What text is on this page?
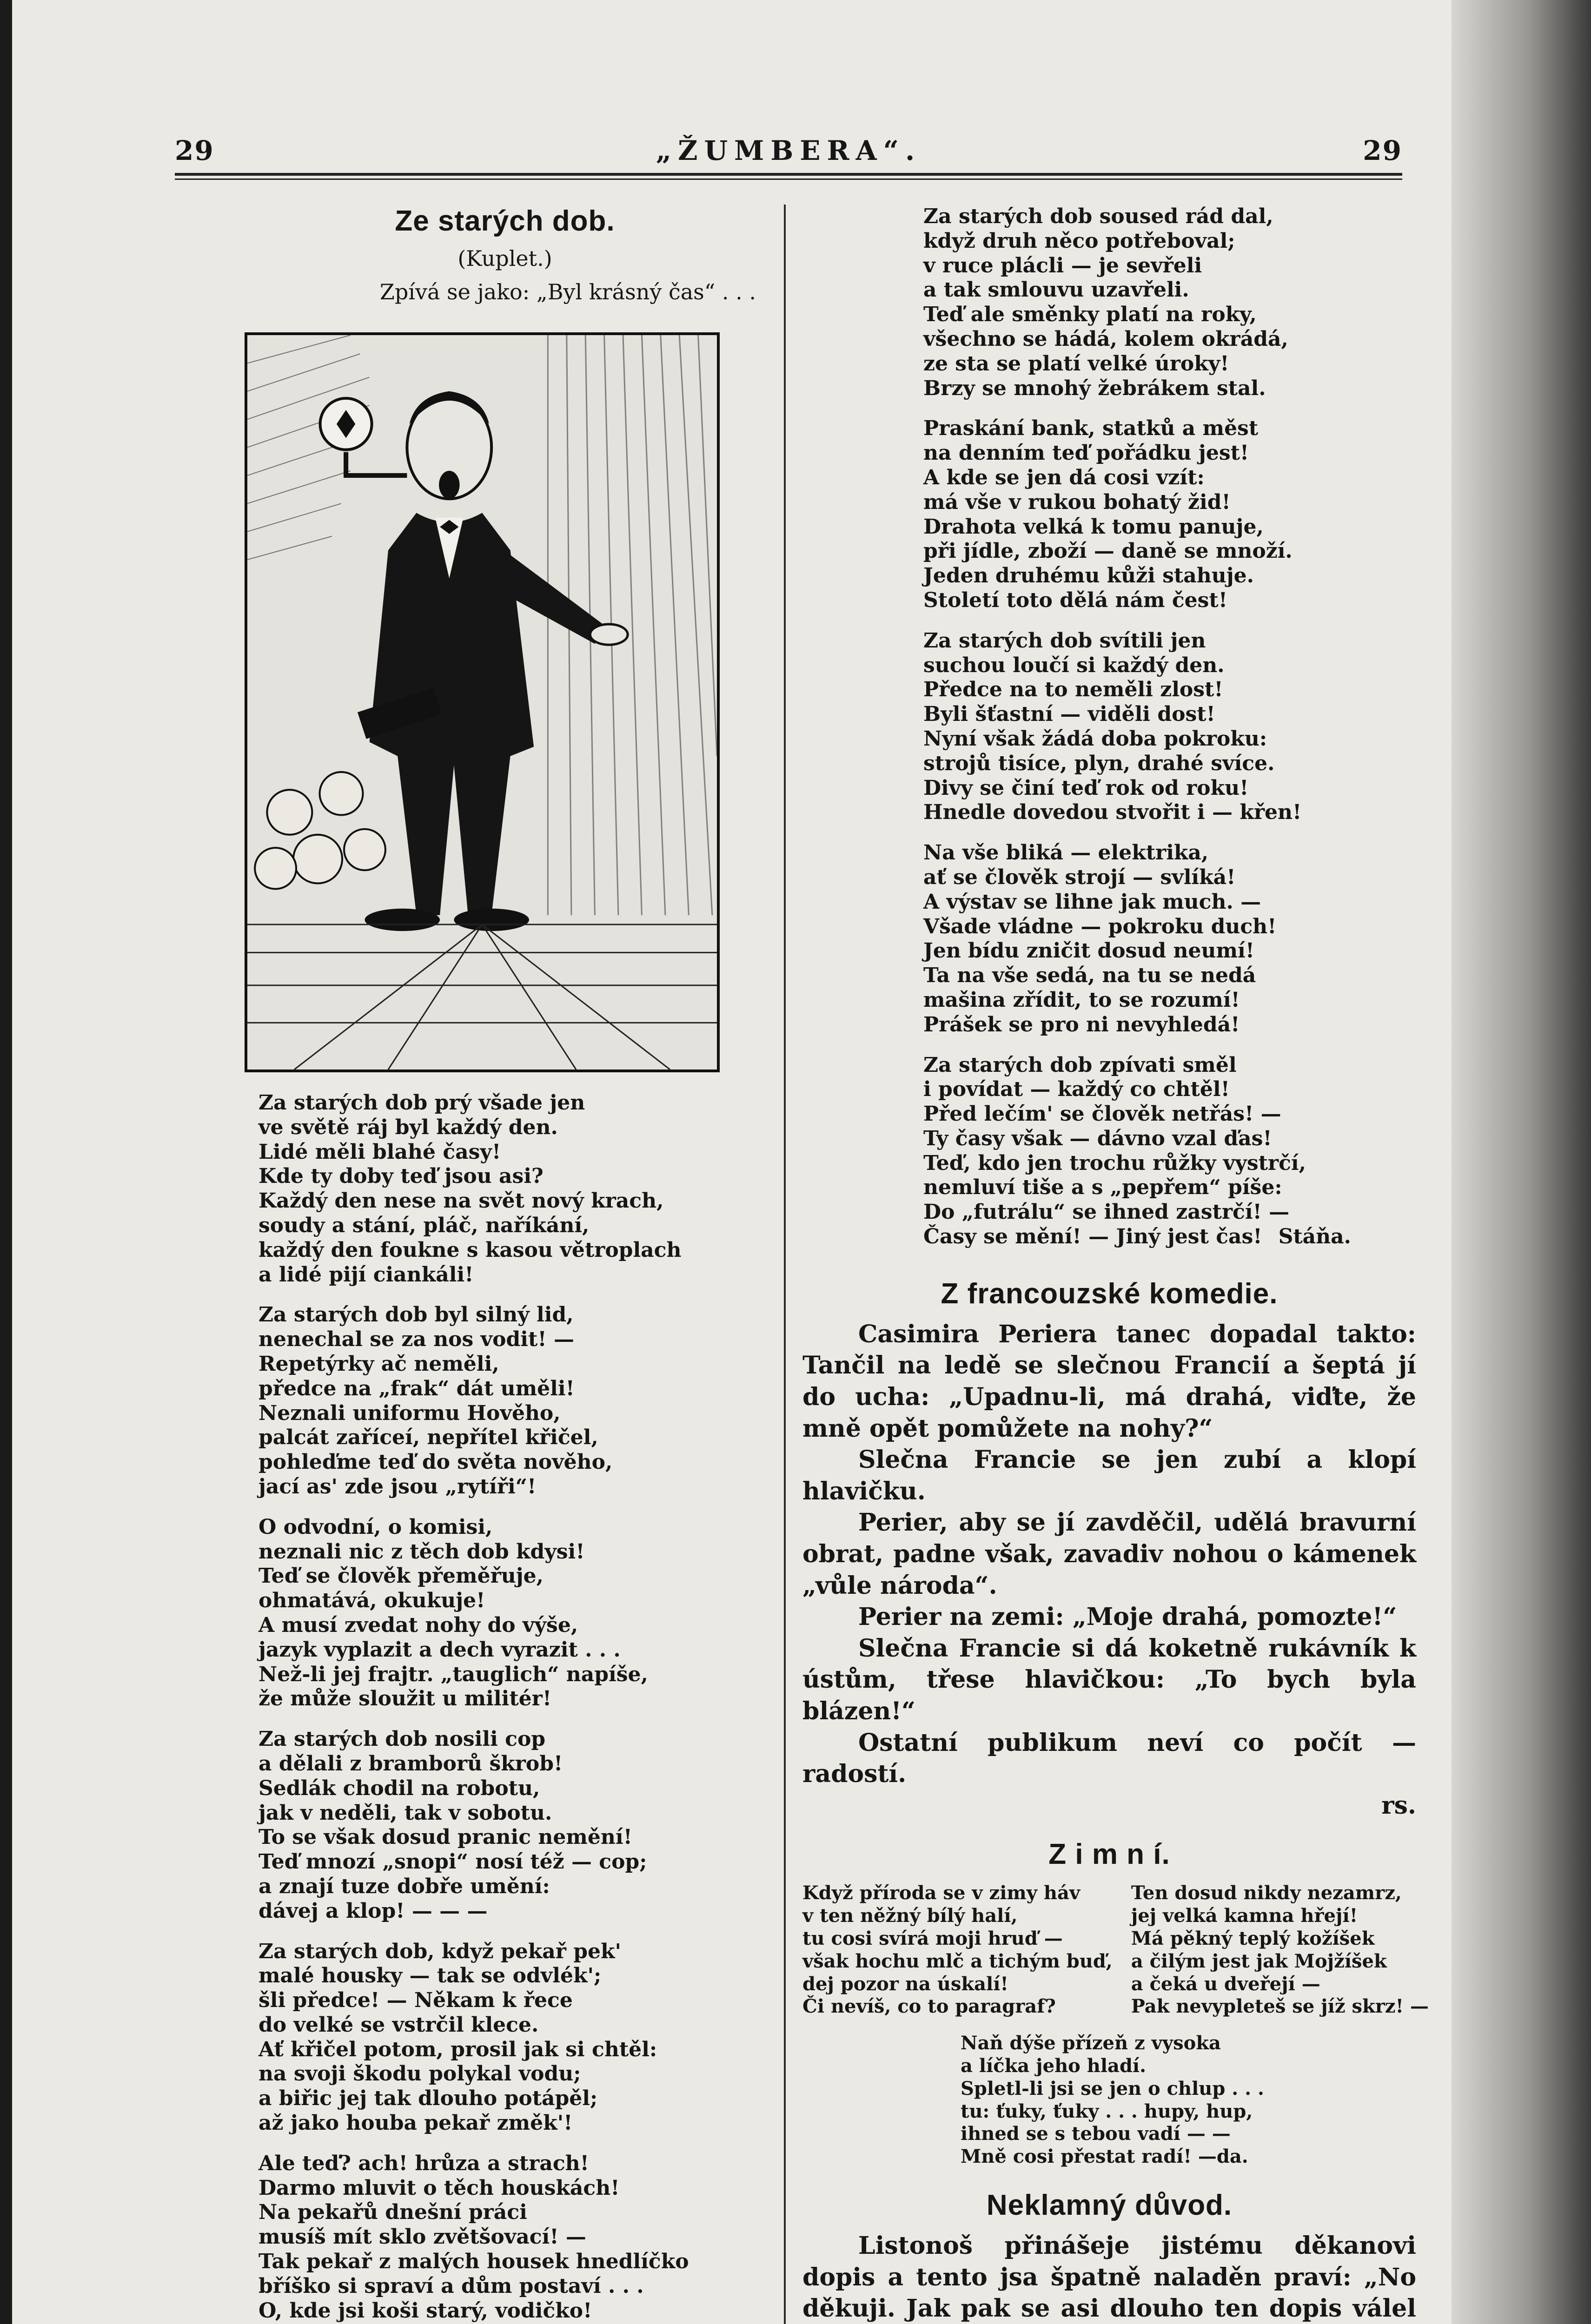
29	„ŽUMBERA“.	29
Ze starých dob.

(Kuplet.)

Zpívá se jako: „Byl krásný čas“ . . .

Za starých dob prý všade jen
ve světě ráj byl každý den.
Lidé měli blahé časy!
Kde ty doby teď jsou asi?
Každý den nese na svět nový krach,
soudy a stání, pláč, naříkání,
každý den foukne s kasou větroplach
a lidé pijí ciankáli!
Za starých dob byl silný lid,
nenechal se za nos vodit! —
Repetýrky ač neměli,
předce na „frak“ dát uměli!
Neznali uniformu Hověho,
palcát zaříceí, nepřítel křičel,
pohleďme teď do světa nověho,
jací as' zde jsou „rytíři“!
O odvodní, o komisi,
neznali nic z těch dob kdysi!
Teď se člověk přeměřuje,
ohmatává, okukuje!
A musí zvedat nohy do výše,
jazyk vyplazit a dech vyrazit . . .
Než-li jej frajtr. „tauglich“ napíše,
že může sloužit u militér!
Za starých dob nosili cop
a dělali z bramborů škrob!
Sedlák chodil na robotu,
jak v neděli, tak v sobotu.
To se však dosud pranic nemění!
Teď mnozí „snopi“ nosí též — cop;
a znají tuze dobře umění:
dávej a klop! — — —
Za starých dob, když pekař pek'
malé housky — tak se odvlék';
šli předce! — Někam k řece
do velké se vstrčil klece.
Ať křičel potom, prosil jak si chtěl:
na svoji škodu polykal vodu;
a biřic jej tak dlouho potápěl;
až jako houba pekař změk'!
Ale teď? ach! hrůza a strach!
Darmo mluvit o těch houskách!
Na pekařů dnešní práci
musíš mít sklo zvětšovací! —
Tak pekař z malých housek hnedlíčko
bříško si spraví a dům postaví . . .
O, kde jsi koši starý, vodičko!
Za starých dob soused rád dal,
když druh něco potřeboval;
v ruce plácli — je sevřeli
a tak smlouvu uzavřeli.
Teď ale směnky platí na roky,
všechno se hádá, kolem okrádá,
ze sta se platí velké úroky!
Brzy se mnohý žebrákem stal.
Praskání bank, statků a měst
na denním teď pořádku jest!
A kde se jen dá cosi vzít:
má vše v rukou bohatý žid!
Drahota velká k tomu panuje,
při jídle, zboží — daně se množí.
Jeden druhému kůži stahuje.
Století toto dělá nám čest!
Za starých dob svítili jen
suchou loučí si každý den.
Předce na to neměli zlost!
Byli šťastní — viděli dost!
Nyní však žádá doba pokroku:
strojů tisíce, plyn, drahé svíce.
Divy se činí teď rok od roku!
Hnedle dovedou stvořit i — křen!
Na vše bliká — elektrika,
ať se člověk strojí — svlíká!
A výstav se lihne jak much. —
Všade vládne — pokroku duch!
Jen bídu zničit dosud neumí!
Ta na vše sedá, na tu se nedá
mašina zřídit, to se rozumí!
Prášek se pro ni nevyhledá!
Za starých dob zpívati směl
i povídat — každý co chtěl!
Před lečím' se člověk netřás! —
Ty časy však — dávno vzal ďas!
Teď, kdo jen trochu růžky vystrčí,
nemluví tiše a s „pepřem“ píše:
Do „futrálu“ se ihned zastrčí! —
Časy se mění! — Jiný jest čas! Stáňa.
Z francouzské komedie.
Casimira Periera tanec dopadal takto: Tančil na ledě se slečnou Francií a šeptá jí do ucha: „Upadnu-li, má drahá, viďte, že mně opět pomůžete na nohy?“
Slečna Francie se jen zubí a klopí hlavičku.
Perier, aby se jí zavděčil, udělá bravurní obrat, padne však, zavadiv nohou o kámenek „vůle národa“.
Perier na zemi: „Moje drahá, pomozte!“
Slečna Francie si dá koketně rukávník k ústům, třese hlavičkou: „To bych byla blázen!“
Ostatní publikum neví co počít — radostí.
rs.
Z i m n í.
Když příroda se v zimy háv
v ten něžný bílý halí,
tu cosi svírá moji hruď —
však hochu mlč a tichým buď,
dej pozor na úskalí!
Či nevíš, co to paragraf?
Ten dosud nikdy nezamrz,
jej velká kamna hřejí!
Má pěkný teplý kožíšek
a čilým jest jak Mojžíšek
a čeká u dveřejí —
Pak nevypleteš se jíž skrz! —
Naň dýše přízeň z vysoka
a líčka jeho hladí.
Spletl-li jsi se jen o chlup . . .
tu: ťuky, ťuky . . . hupy, hup,
ihned se s tebou vadí — —
Mně cosi přestat radí! —da.
Neklamný důvod.
Listonoš přinášeje jistému děkanovi dopis a tento jsa špatně naladěn praví: „No děkuji. Jak pak se asi dlouho ten dopis válel
